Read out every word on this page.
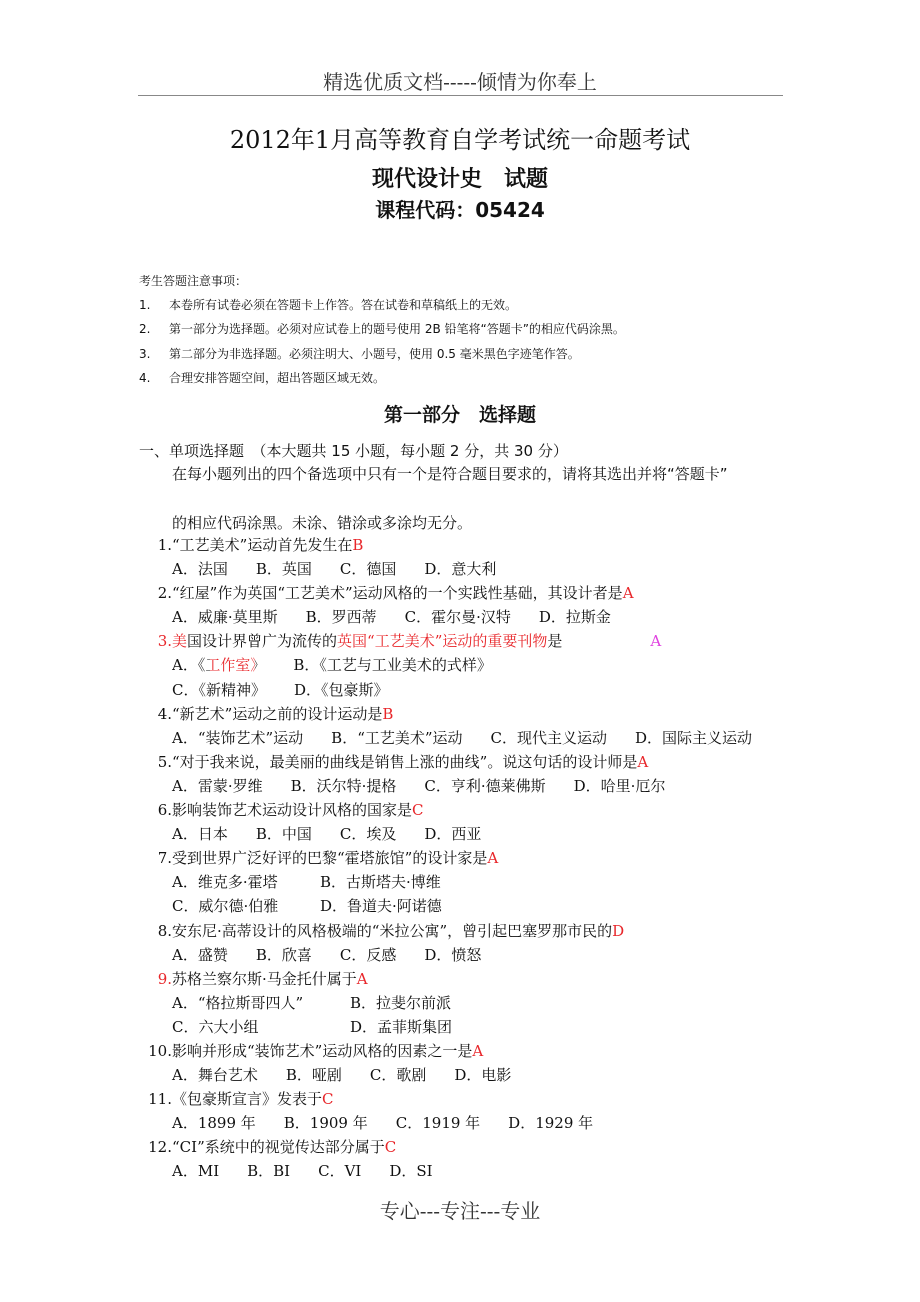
精选优质文档-----倾情为你奉上
2012年1月高等教育自学考试统一命题考试
现代设计史　试题
课程代码：05424
考生答题注意事项：
1. 本卷所有试卷必须在答题卡上作答。答在试卷和草稿纸上的无效。
2. 第一部分为选择题。必须对应试卷上的题号使用 2B 铅笔将“答题卡”的相应代码涂黑。
3. 第二部分为非选择题。必须注明大、小题号，使用 0.5 毫米黑色字迹笔作答。
4. 合理安排答题空间，超出答题区域无效。
第一部分　选择题
一、单项选择题　（本大题共 15 小题，每小题 2 分，共 30 分）
在每小题列出的四个备选项中只有一个是符合题目要求的，请将其选出并将“答题卡”
的相应代码涂黑。未涂、错涂或多涂均无分。
1. “工艺美术”运动首先发生在B
A．法国 B．英国 C．德国 D．意大利
2. “红屋”作为英国“工艺美术”运动风格的一个实践性基础，其设计者是A
A．威廉·莫里斯 B．罗西蒂 C．霍尔曼·汉特 D．拉斯金
3. 美国设计界曾广为流传的英国“工艺美术”运动的重要刊物是	A
A．《工作室》 B．《工艺与工业美术的式样》
C．《新精神》 D．《包豪斯》
4. “新艺术”运动之前的设计运动是B
A．“装饰艺术”运动 B．“工艺美术”运动 C．现代主义运动 D．国际主义运动
5. “对于我来说，最美丽的曲线是销售上涨的曲线”。说这句话的设计师是A
A．雷蒙·罗维 B．沃尔特·提格 C．亨利·德莱佛斯 D．哈里·厄尔
6. 影响装饰艺术运动设计风格的国家是C
A．日本 B．中国 C．埃及 D．西亚
7. 受到世界广泛好评的巴黎“霍塔旅馆”的设计家是A
A．维克多·霍塔	B．古斯塔夫·博维
C．威尔德·伯雅	D．鲁道夫·阿诺德
8. 安东尼·高蒂设计的风格极端的“米拉公寓”，曾引起巴塞罗那市民的D
A．盛赞 B．欣喜 C．反感 D．愤怒
9. 苏格兰察尔斯·马金托什属于A
A．“格拉斯哥四人”	B．拉斐尔前派
C．六大小组	D．孟菲斯集团
10. 影响并形成“装饰艺术”运动风格的因素之一是A
A．舞台艺术 B．哑剧 C．歌剧 D．电影
11. 《包豪斯宣言》发表于C
A．1899 年 B．1909 年 C．1919 年 D．1929 年
12. “CI”系统中的视觉传达部分属于C
A．MI B．BI C．VI D．SI
专心---专注---专业
